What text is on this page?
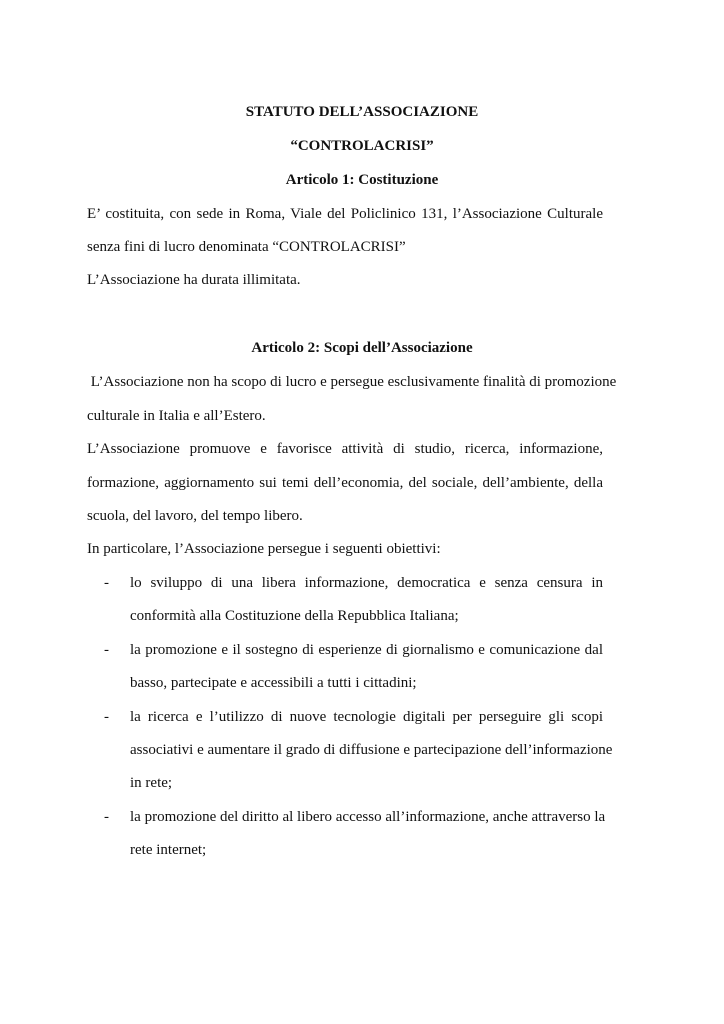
STATUTO DELL’ASSOCIAZIONE
“CONTROLACRISI”
Articolo 1: Costituzione
E’ costituita, con sede in Roma, Viale del Policlinico 131, l’Associazione Culturale
senza fini di lucro denominata “CONTROLACRISI”
L’Associazione ha durata illimitata.
Articolo 2: Scopi dell’Associazione
L’Associazione non ha scopo di lucro e persegue esclusivamente finalità di promozione
culturale in Italia e all’Estero.
L’Associazione promuove e favorisce attività di studio, ricerca, informazione,
formazione, aggiornamento sui temi dell’economia, del sociale, dell’ambiente, della
scuola, del lavoro, del tempo libero.
In particolare, l’Associazione persegue i seguenti obiettivi:
-	lo sviluppo di una libera informazione, democratica e senza censura in
conformità alla Costituzione della Repubblica Italiana;
-	la promozione e il sostegno di esperienze di giornalismo e comunicazione dal
basso, partecipate e accessibili a tutti i cittadini;
-	la ricerca e l’utilizzo di nuove tecnologie digitali per perseguire gli scopi
associativi e aumentare il grado di diffusione e partecipazione dell’informazione
in rete;
-	la promozione del diritto al libero accesso all’informazione, anche attraverso la
rete internet;
